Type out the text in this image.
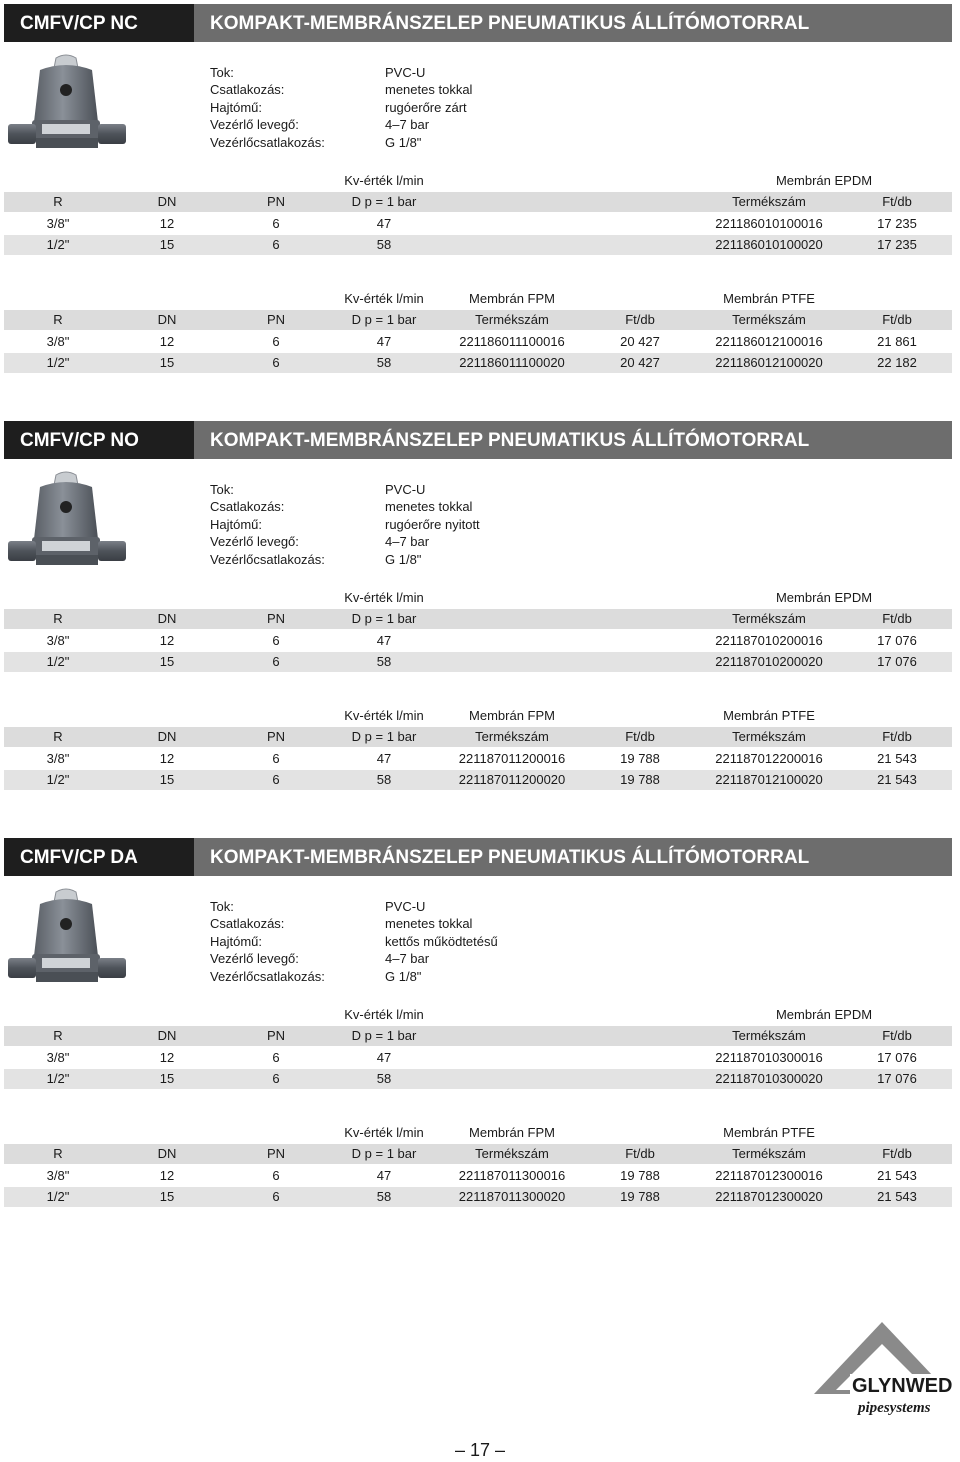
CMFV/CP NC	KOMPAKT-MEMBRÁNSZELEP PNEUMATIKUS ÁLLÍTÓMOTORRAL
Tok:	PVC-U
Csatlakozás:	menetes tokkal
Hajtómű:	rugóerőre zárt
Vezérlő levegő:	4–7 bar
Vezérlőcsatlakozás:	G 1/8"
Kv-érték l/min	Membrán EPDM
R	DN	PN	D p = 1 bar	Termékszám	Ft/db
3/8"	12	6	47	221186010100016	17 235
1/2"	15	6	58	221186010100020	17 235
Kv-érték l/min	Membrán FPM	Membrán PTFE
R	DN	PN	D p = 1 bar	Termékszám	Ft/db	Termékszám	Ft/db
3/8"	12	6	47	221186011100016	20 427	221186012100016	21 861
1/2"	15	6	58	221186011100020	20 427	221186012100020	22 182
CMFV/CP NO	KOMPAKT-MEMBRÁNSZELEP PNEUMATIKUS ÁLLÍTÓMOTORRAL
Tok:	PVC-U
Csatlakozás:	menetes tokkal
Hajtómű:	rugóerőre nyitott
Vezérlő levegő:	4–7 bar
Vezérlőcsatlakozás:	G 1/8"
Kv-érték l/min	Membrán EPDM
R	DN	PN	D p = 1 bar	Termékszám	Ft/db
3/8"	12	6	47	221187010200016	17 076
1/2"	15	6	58	221187010200020	17 076
Kv-érték l/min	Membrán FPM	Membrán PTFE
R	DN	PN	D p = 1 bar	Termékszám	Ft/db	Termékszám	Ft/db
3/8"	12	6	47	221187011200016	19 788	221187012200016	21 543
1/2"	15	6	58	221187011200020	19 788	221187012100020	21 543
CMFV/CP DA	KOMPAKT-MEMBRÁNSZELEP PNEUMATIKUS ÁLLÍTÓMOTORRAL
Tok:	PVC-U
Csatlakozás:	menetes tokkal
Hajtómű:	kettős működtetésű
Vezérlő levegő:	4–7 bar
Vezérlőcsatlakozás:	G 1/8"
Kv-érték l/min	Membrán EPDM
R	DN	PN	D p = 1 bar	Termékszám	Ft/db
3/8"	12	6	47	221187010300016	17 076
1/2"	15	6	58	221187010300020	17 076
Kv-érték l/min	Membrán FPM	Membrán PTFE
R	DN	PN	D p = 1 bar	Termékszám	Ft/db	Termékszám	Ft/db
3/8"	12	6	47	221187011300016	19 788	221187012300016	21 543
1/2"	15	6	58	221187011300020	19 788	221187012300020	21 543
GLYNWED
pipesystems
– 17 –
